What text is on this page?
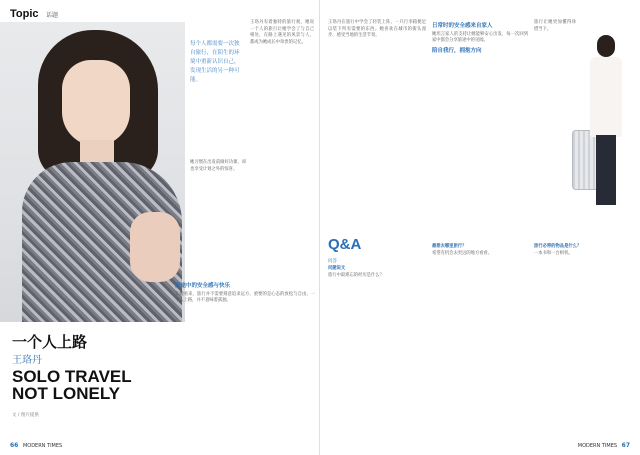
Topic 话题
每个人都需要一次独自旅行，在陌生的环境中重新认识自己，发现生活的另一种可能。

王珞丹有着独特的旅行观，她说一个人的旅行让她学会了与自己相处，在路上遇见的风景与人，都成为她成长中珍贵的记忆。

她习惯在出发前做好功课，却也享受计划之外的惊喜。

旅途中的安全感与快乐

在她看来，旅行并不需要刻意追求远方，重要的是心态的放松与自由。一个人上路，并不意味着孤独。

一个人上路
王珞丹
SOLO TRAVEL
NOT LONELY
文 / 图片提供
66 MODERN TIMES

王珞丹在旅行中学会了轻装上阵，一只行李箱便足以装下所有需要的东西。她喜欢在城市的街头漫步，感受当地的生活节奏。

日常时的安全感来自家人

她坦言家人的支持让她能够安心出发，每一次回到家中都会分享旅途中的见闻。

陪自我行，拥抱方向

旅行让她更加懂得珍惜当下。

Q&A
问答

问题说文

旅行中最难忘的经历是什么？

最想去哪里旅行？

希望有机会去更远的地方看看。

旅行必带的物品是什么？

一本书和一台相机。

MODERN TIMES 67
